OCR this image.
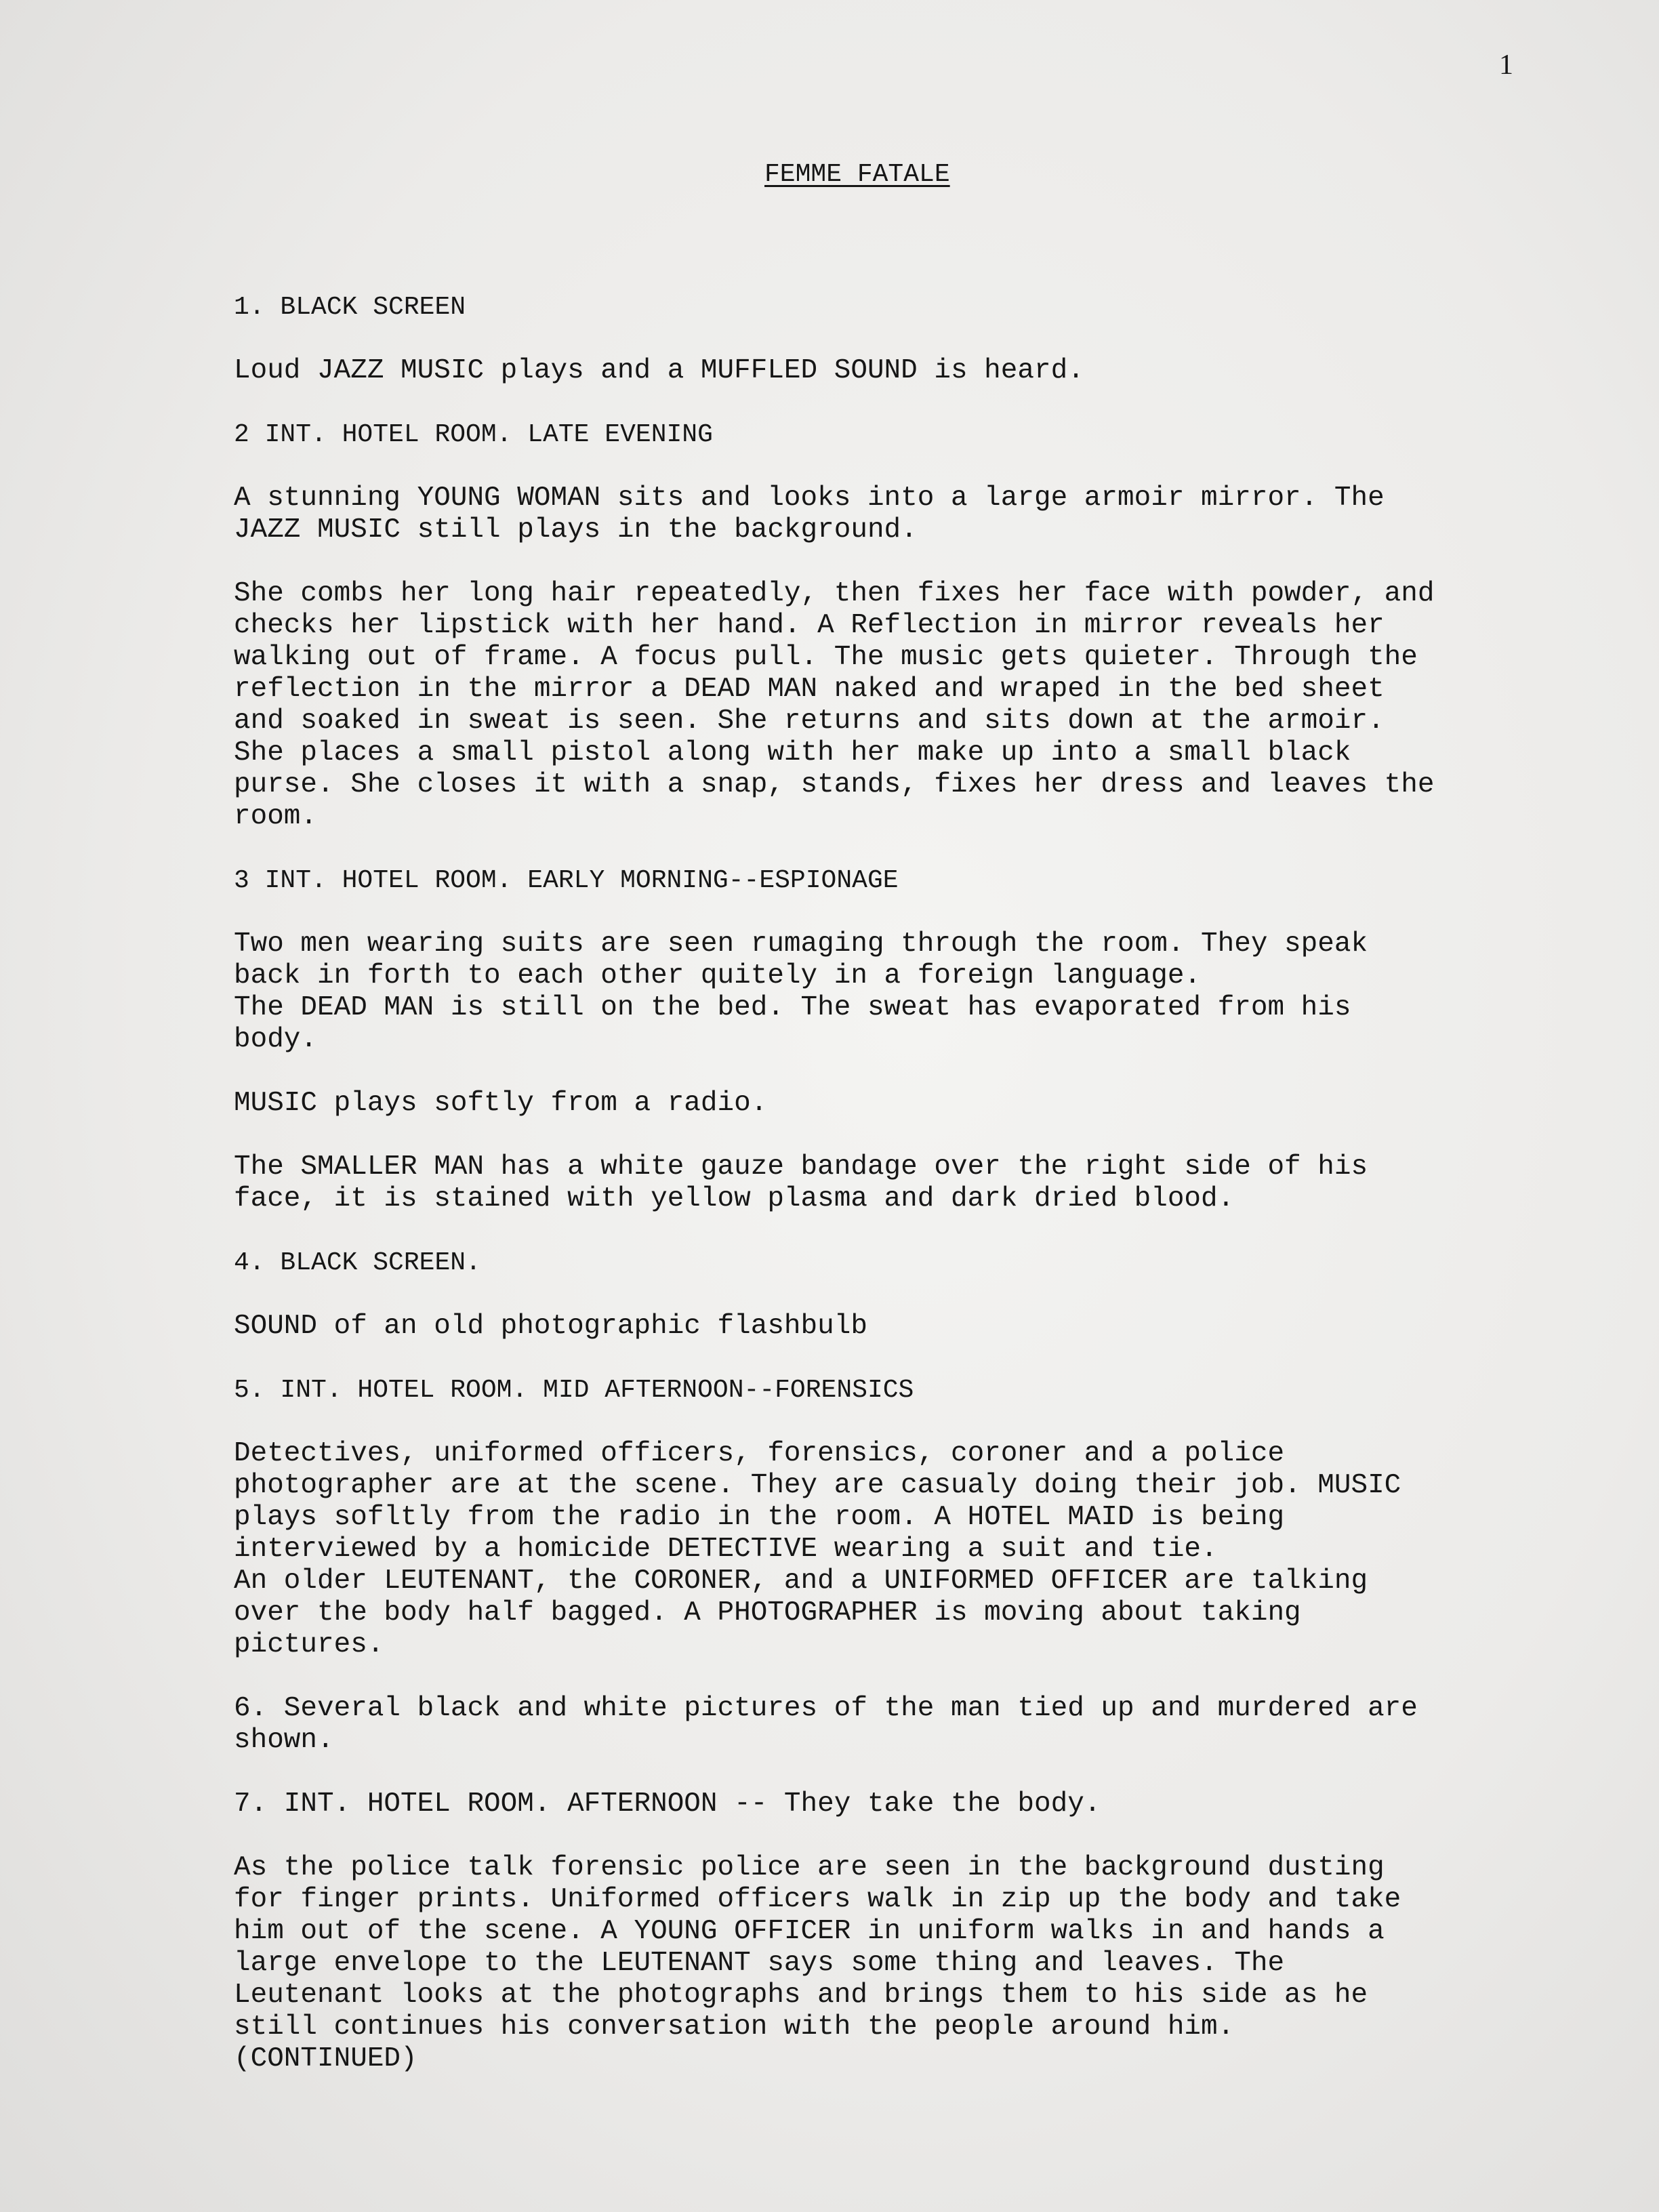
1
FEMME FATALE
1. BLACK SCREEN
Loud JAZZ MUSIC plays and a MUFFLED SOUND is heard.
2 INT. HOTEL ROOM. LATE EVENING
A stunning YOUNG WOMAN sits and looks into a large armoir mirror. The
JAZZ MUSIC still plays in the background.
She combs her long hair repeatedly, then fixes her face with powder, and
checks her lipstick with her hand. A Reflection in mirror reveals her
walking out of frame. A focus pull. The music gets quieter. Through the
reflection in the mirror a DEAD MAN naked and wraped in the bed sheet
and soaked in sweat is seen. She returns and sits down at the armoir.
She places a small pistol along with her make up into a small black
purse. She closes it with a snap, stands, fixes her dress and leaves the
room.
3 INT. HOTEL ROOM. EARLY MORNING--ESPIONAGE
Two men wearing suits are seen rumaging through the room. They speak
back in forth to each other quitely in a foreign language.
The DEAD MAN is still on the bed. The sweat has evaporated from his
body.
MUSIC plays softly from a radio.
The SMALLER MAN has a white gauze bandage over the right side of his
face, it is stained with yellow plasma and dark dried blood.
4. BLACK SCREEN.
SOUND of an old photographic flashbulb
5. INT. HOTEL ROOM. MID AFTERNOON--FORENSICS
Detectives, uniformed officers, forensics, coroner and a police
photographer are at the scene. They are casualy doing their job. MUSIC
plays sofltly from the radio in the room. A HOTEL MAID is being
interviewed by a homicide DETECTIVE wearing a suit and tie.
An older LEUTENANT, the CORONER, and a UNIFORMED OFFICER are talking
over the body half bagged. A PHOTOGRAPHER is moving about taking
pictures.
6. Several black and white pictures of the man tied up and murdered are
shown.
7. INT. HOTEL ROOM. AFTERNOON -- They take the body.
As the police talk forensic police are seen in the background dusting
for finger prints. Uniformed officers walk in zip up the body and take
him out of the scene. A YOUNG OFFICER in uniform walks in and hands a
large envelope to the LEUTENANT says some thing and leaves. The
Leutenant looks at the photographs and brings them to his side as he
still continues his conversation with the people around him.
(CONTINUED)
